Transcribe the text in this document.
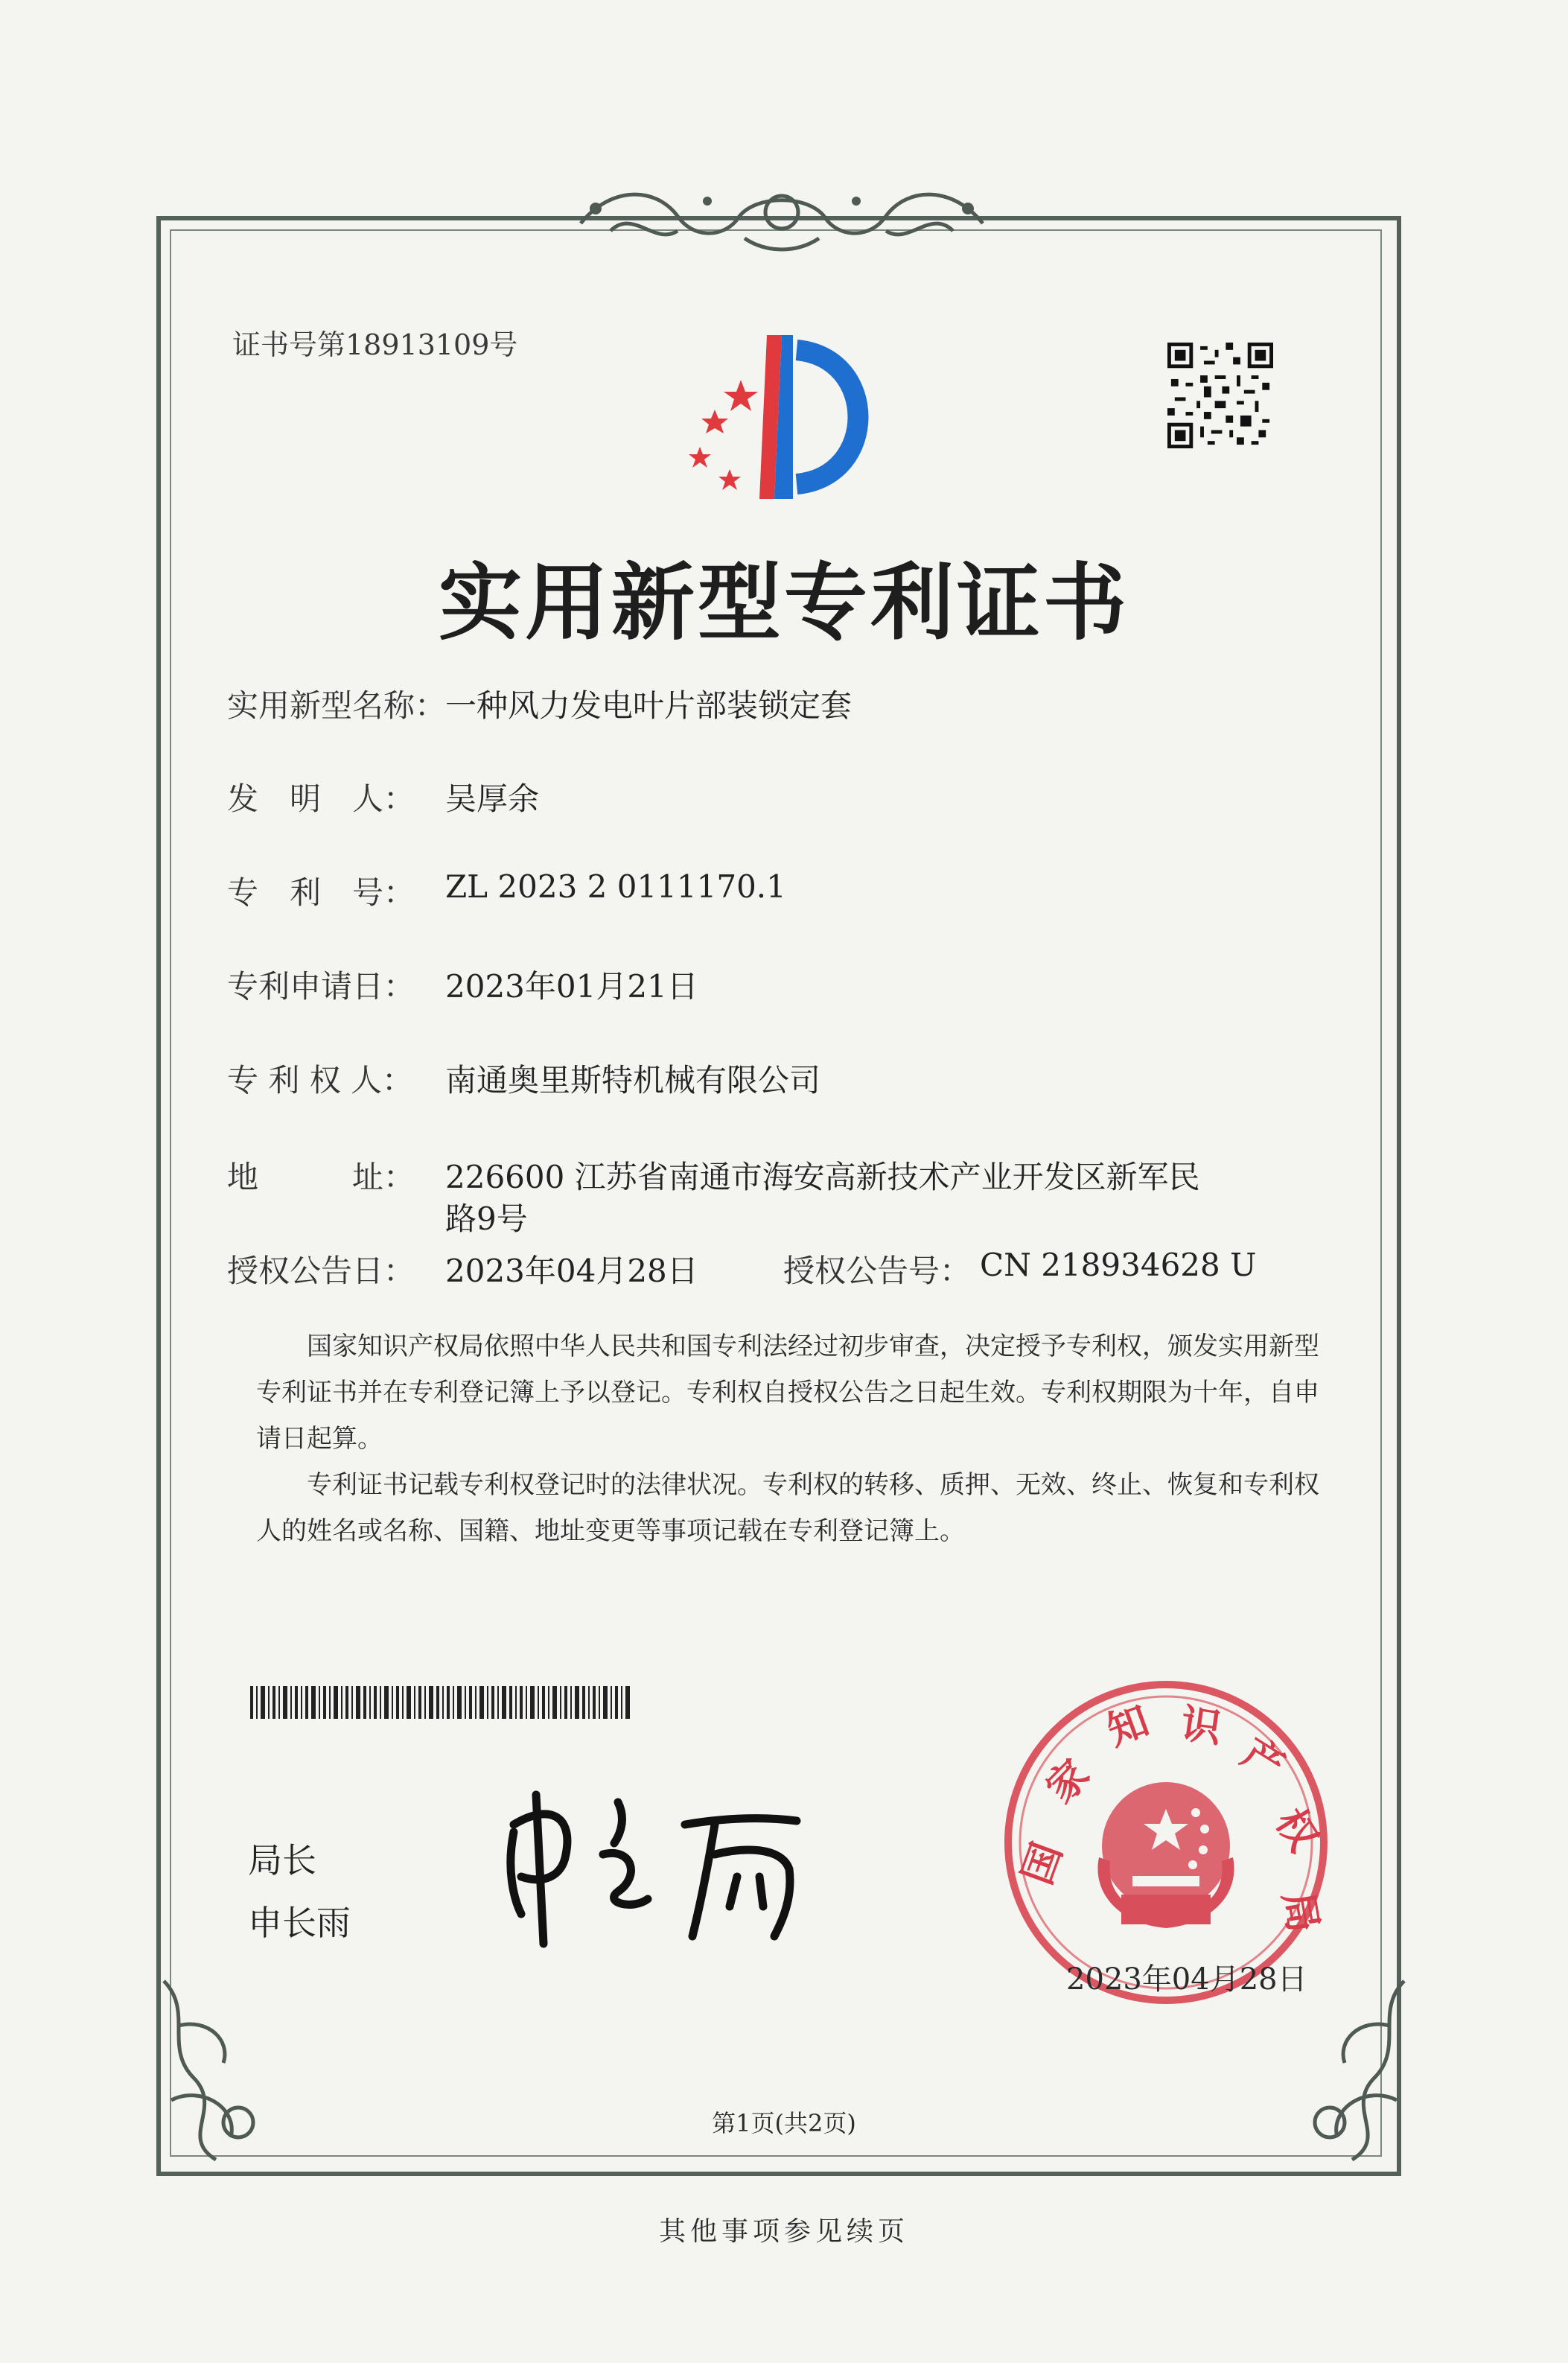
证书号第18913109号
实用新型专利证书
实用新型名称：
一种风力发电叶片部装锁定套
发　明　人： 吴厚余
专　利　号： ZL 2023 2 0111170.1
专利申请日： 2023年01月21日
专 利 权 人： 南通奥里斯特机械有限公司
地　　　址： 226600 江苏省南通市海安高新技术产业开发区新军民
路9号
授权公告日： 2023年04月28日	授权公告号： CN 218934628 U
国家知识产权局依照中华人民共和国专利法经过初步审查，决定授予专利权，颁发实用新型
专利证书并在专利登记簿上予以登记。专利权自授权公告之日起生效。专利权期限为十年，自申
请日起算。
专利证书记载专利权登记时的法律状况。专利权的转移、质押、无效、终止、恢复和专利权
人的姓名或名称、国籍、地址变更等事项记载在专利登记簿上。
局长
申长雨
国
家
知 识
产
权
局
2023年04月28日
第1页(共2页)
其他事项参见续页
